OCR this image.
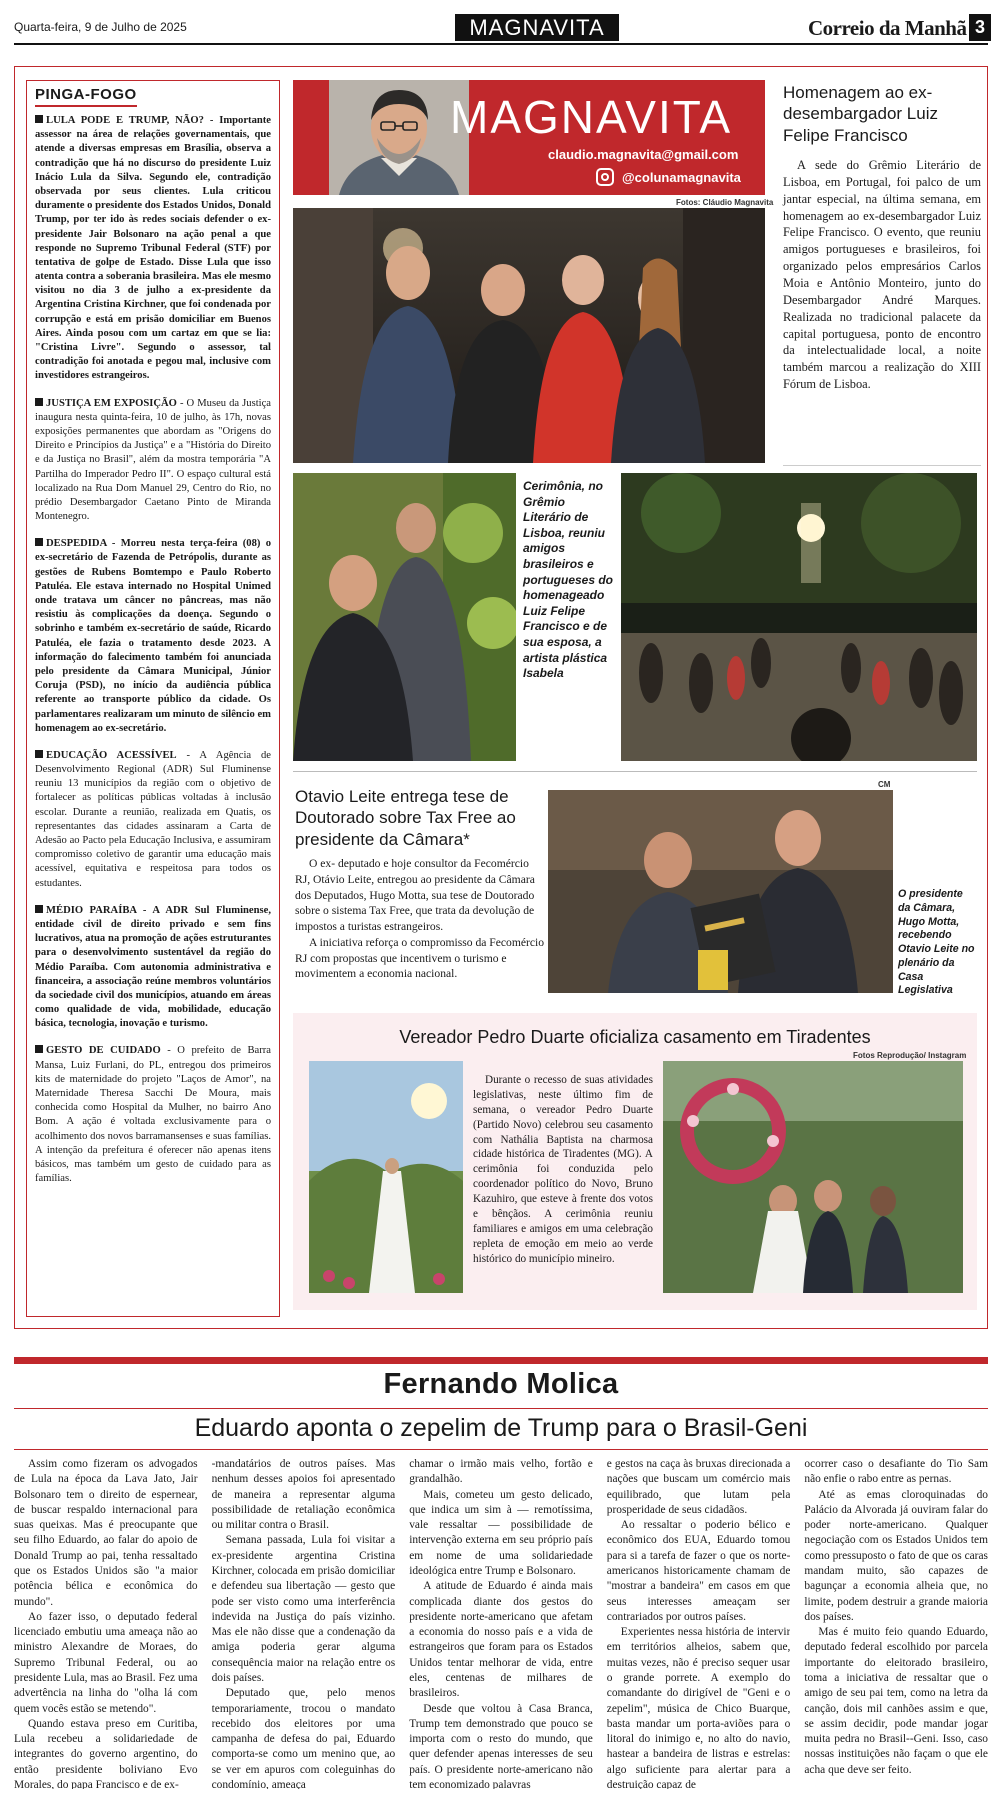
Quarta-feira, 9 de Julho de 2025	MAGNAVITA	Correio da Manhã 3
PINGA-FOGO
LULA PODE E TRUMP, NÃO? - Importante assessor na área de relações governamentais, que atende a diversas empresas em Brasília, observa a contradição que há no discurso do presidente Luiz Inácio Lula da Silva. Segundo ele, contradição observada por seus clientes. Lula criticou duramente o presidente dos Estados Unidos, Donald Trump, por ter ido às redes sociais defender o ex-presidente Jair Bolsonaro na ação penal a que responde no Supremo Tribunal Federal (STF) por tentativa de golpe de Estado. Disse Lula que isso atenta contra a soberania brasileira. Mas ele mesmo visitou no dia 3 de julho a ex-presidente da Argentina Cristina Kirchner, que foi condenada por corrupção e está em prisão domiciliar em Buenos Aires. Ainda posou com um cartaz em que se lia: "Cristina Livre". Segundo o assessor, tal contradição foi anotada e pegou mal, inclusive com investidores estrangeiros.
JUSTIÇA EM EXPOSIÇÃO - O Museu da Justiça inaugura nesta quinta-feira, 10 de julho, às 17h, novas exposições permanentes que abordam as "Origens do Direito e Princípios da Justiça" e a "História do Direito e da Justiça no Brasil", além da mostra temporária "A Partilha do Imperador Pedro II". O espaço cultural está localizado na Rua Dom Manuel 29, Centro do Rio, no prédio Desembargador Caetano Pinto de Miranda Montenegro.
DESPEDIDA - Morreu nesta terça-feira (08) o ex-secretário de Fazenda de Petrópolis, durante as gestões de Rubens Bomtempo e Paulo Roberto Patuléa. Ele estava internado no Hospital Unimed onde tratava um câncer no pâncreas, mas não resistiu às complicações da doença. Segundo o sobrinho e também ex-secretário de saúde, Ricardo Patuléa, ele fazia o tratamento desde 2023. A informação do falecimento também foi anunciada pelo presidente da Câmara Municipal, Júnior Coruja (PSD), no início da audiência pública referente ao transporte público da cidade. Os parlamentares realizaram um minuto de silêncio em homenagem ao ex-secretário.
EDUCAÇÃO ACESSÍVEL - A Agência de Desenvolvimento Regional (ADR) Sul Fluminense reuniu 13 municípios da região com o objetivo de fortalecer as políticas públicas voltadas à inclusão escolar. Durante a reunião, realizada em Quatis, os representantes das cidades assinaram a Carta de Adesão ao Pacto pela Educação Inclusiva, e assumiram compromisso coletivo de garantir uma educação mais acessível, equitativa e respeitosa para todos os estudantes.
MÉDIO PARAÍBA - A ADR Sul Fluminense, entidade civil de direito privado e sem fins lucrativos, atua na promoção de ações estruturantes para o desenvolvimento sustentável da região do Médio Paraíba. Com autonomia administrativa e financeira, a associação reúne membros voluntários da sociedade civil dos municípios, atuando em áreas como qualidade de vida, mobilidade, educação básica, tecnologia, inovação e turismo.
GESTO DE CUIDADO - O prefeito de Barra Mansa, Luiz Furlani, do PL, entregou dos primeiros kits de maternidade do projeto "Laços de Amor", na Maternidade Theresa Sacchi De Moura, mais conhecida como Hospital da Mulher, no bairro Ano Bom. A ação é voltada exclusivamente para o acolhimento dos novos barramansenses e suas famílias. A intenção da prefeitura é oferecer não apenas itens básicos, mas também um gesto de cuidado para as famílias.
MAGNAVITA
claudio.magnavita@gmail.com
@colunamagnavita
Fotos: Cláudio Magnavita
Homenagem ao ex-desembargador Luiz Felipe Francisco
A sede do Grêmio Literário de Lisboa, em Portugal, foi palco de um jantar especial, na última semana, em homenagem ao ex-desembargador Luiz Felipe Francisco. O evento, que reuniu amigos portugueses e brasileiros, foi organizado pelos empresários Carlos Moia e Antônio Monteiro, junto do Desembargador André Marques. Realizada no tradicional palacete da capital portuguesa, ponto de encontro da intelectualidade local, a noite também marcou a realização do XIII Fórum de Lisboa.
Cerimônia, no Grêmio Literário de Lisboa, reuniu amigos brasileiros e portugueses do homenageado Luiz Felipe Francisco e de sua esposa, a artista plástica Isabela
Otavio Leite entrega tese de Doutorado sobre Tax Free ao presidente da Câmara*

O ex- deputado e hoje consultor da Fecomércio RJ, Otávio Leite, entregou ao presidente da Câmara dos Deputados, Hugo Motta, sua tese de Doutorado sobre o sistema Tax Free, que trata da devolução de impostos a turistas estrangeiros.

A iniciativa reforça o compromisso da Fecomércio RJ com propostas que incentivem o turismo e movimentem a economia nacional.

CM
O presidente da Câmara, Hugo Motta, recebendo Otavio Leite no plenário da Casa Legislativa
Vereador Pedro Duarte oficializa casamento em Tiradentes
Fotos Reprodução/ Instagram

Durante o recesso de suas atividades legislativas, neste último fim de semana, o vereador Pedro Duarte (Partido Novo) celebrou seu casamento com Nathália Baptista na charmosa cidade histórica de Tiradentes (MG). A cerimônia foi conduzida pelo coordenador político do Novo, Bruno Kazuhiro, que esteve à frente dos votos e bênçãos. A cerimônia reuniu familiares e amigos em uma celebração repleta de emoção em meio ao verde histórico do município mineiro.

Fernando Molica
Eduardo aponta o zepelim de Trump para o Brasil-Geni

Assim como fizeram os advogados de Lula na época da Lava Jato, Jair Bolsonaro tem o direito de espernear, de buscar respaldo internacional para suas queixas. Mas é preocupante que seu filho Eduardo, ao falar do apoio de Donald Trump ao pai, tenha ressaltado que os Estados Unidos são "a maior potência bélica e econômica do mundo".

Ao fazer isso, o deputado federal licenciado embutiu uma ameaça não ao ministro Alexandre de Moraes, do Supremo Tribunal Federal, ou ao presidente Lula, mas ao Brasil. Fez uma advertência na linha do "olha lá com quem vocês estão se metendo".

Quando estava preso em Curitiba, Lula recebeu a solidariedade de integrantes do governo argentino, do então presidente boliviano Evo Morales, do papa Francisco e de ex-

-mandatários de outros países. Mas nenhum desses apoios foi apresentado de maneira a representar alguma possibilidade de retaliação econômica ou militar contra o Brasil.

Semana passada, Lula foi visitar a ex-presidente argentina Cristina Kirchner, colocada em prisão domiciliar e defendeu sua libertação — gesto que pode ser visto como uma interferência indevida na Justiça do país vizinho. Mas ele não disse que a condenação da amiga poderia gerar alguma consequência maior na relação entre os dois países.

Deputado que, pelo menos temporariamente, trocou o mandato recebido dos eleitores por uma campanha de defesa do pai, Eduardo comporta-se como um menino que, ao se ver em apuros com coleguinhas do condomínio, ameaça

chamar o irmão mais velho, fortão e grandalhão.

Mais, cometeu um gesto delicado, que indica um sim à — remotíssima, vale ressaltar — possibilidade de intervenção externa em seu próprio país em nome de uma solidariedade ideológica entre Trump e Bolsonaro.

A atitude de Eduardo é ainda mais complicada diante dos gestos do presidente norte-americano que afetam a economia do nosso país e a vida de estrangeiros que foram para os Estados Unidos tentar melhorar de vida, entre eles, centenas de milhares de brasileiros.

Desde que voltou à Casa Branca, Trump tem demonstrado que pouco se importa com o resto do mundo, que quer defender apenas interesses de seu país. O presidente norte-americano não tem economizado palavras

e gestos na caça às bruxas direcionada a nações que buscam um comércio mais equilibrado, que lutam pela prosperidade de seus cidadãos.

Ao ressaltar o poderio bélico e econômico dos EUA, Eduardo tomou para si a tarefa de fazer o que os norte-americanos historicamente chamam de "mostrar a bandeira" em casos em que seus interesses ameaçam ser contrariados por outros países.

Experientes nessa história de intervir em territórios alheios, sabem que, muitas vezes, não é preciso sequer usar o grande porrete. A exemplo do comandante do dirigível de "Geni e o zepelim", música de Chico Buarque, basta mandar um porta-aviões para o litoral do inimigo e, no alto do navio, hastear a bandeira de listras e estrelas: algo suficiente para alertar para a destruição capaz de

ocorrer caso o desafiante do Tio Sam não enfie o rabo entre as pernas.

Até as emas cloroquinadas do Palácio da Alvorada já ouviram falar do poder norte-americano. Qualquer negociação com os Estados Unidos tem como pressuposto o fato de que os caras mandam muito, são capazes de bagunçar a economia alheia que, no limite, podem destruir a grande maioria dos países.

Mas é muito feio quando Eduardo, deputado federal escolhido por parcela importante do eleitorado brasileiro, toma a iniciativa de ressaltar que o amigo de seu pai tem, como na letra da canção, dois mil canhões assim e que, se assim decidir, pode mandar jogar muita pedra no Brasil--Geni. Isso, caso nossas instituições não façam o que ele acha que deve ser feito.
